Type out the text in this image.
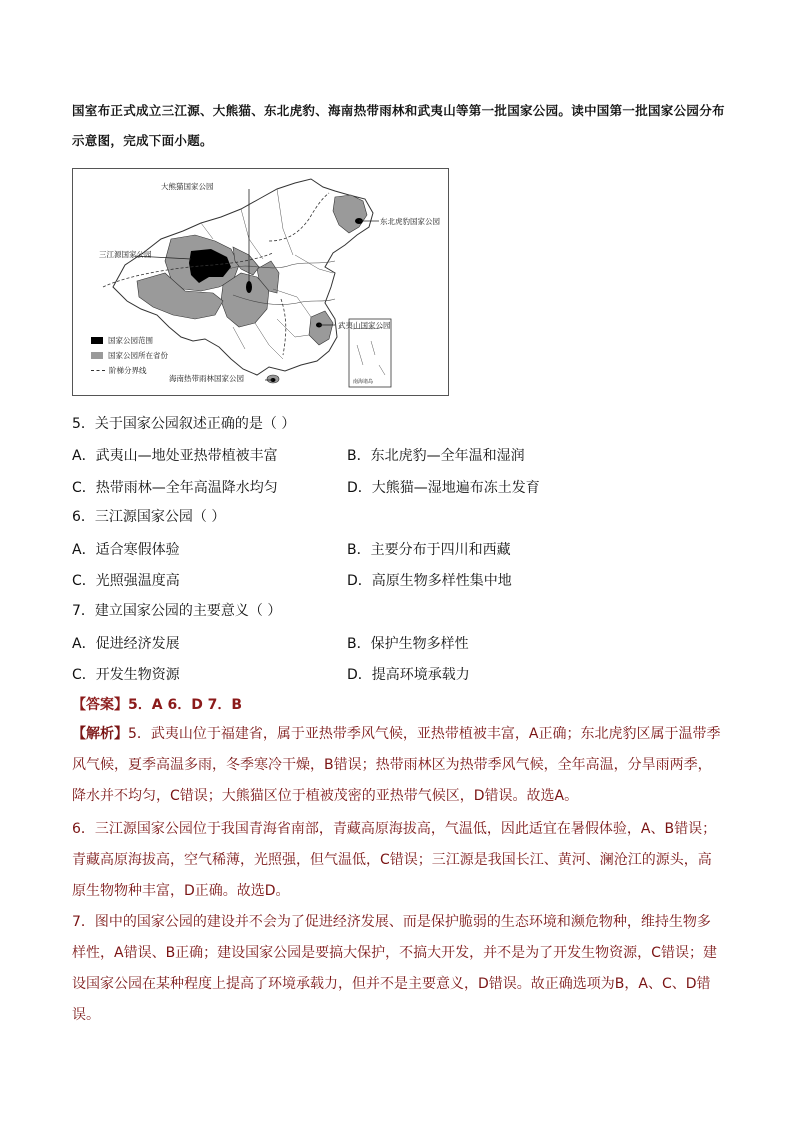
国室布正式成立三江源、大熊猫、东北虎豹、海南热带雨林和武夷山等第一批国家公园。读中国第一批国家公园分布示意图，完成下面小题。
大熊猫国家公园
东北虎豹国家公园
三江源国家公园
武夷山国家公园
海南热带雨林国家公园	南海诸岛
国家公园范围
国家公园所在省份
阶梯分界线
5．关于国家公园叙述正确的是（ ）
A．武夷山—地处亚热带植被丰富	B．东北虎豹—全年温和湿润
C．热带雨林—全年高温降水均匀	D．大熊猫—湿地遍布冻土发育
6．三江源国家公园（ ）
A．适合寒假体验	B．主要分布于四川和西藏
C．光照强温度高	D．高原生物多样性集中地
7．建立国家公园的主要意义（ ）
A．促进经济发展	B．保护生物多样性
C．开发生物资源	D．提高环境承载力
【答案】5．A 6．D 7．B
【解析】5．武夷山位于福建省，属于亚热带季风气候，亚热带植被丰富，A正确；东北虎豹区属于温带季风气候，夏季高温多雨，冬季寒冷干燥，B错误；热带雨林区为热带季风气候，全年高温，分旱雨两季，降水并不均匀，C错误；大熊猫区位于植被茂密的亚热带气候区，D错误。故选A。
6．三江源国家公园位于我国青海省南部，青藏高原海拔高，气温低，因此适宜在暑假体验，A、B错误；青藏高原海拔高，空气稀薄，光照强，但气温低，C错误；三江源是我国长江、黄河、澜沧江的源头，高原生物物种丰富，D正确。故选D。
7．图中的国家公园的建设并不会为了促进经济发展、而是保护脆弱的生态环境和濒危物种，维持生物多样性，A错误、B正确；建设国家公园是要搞大保护，不搞大开发，并不是为了开发生物资源，C错误；建设国家公园在某种程度上提高了环境承载力，但并不是主要意义，D错误。故正确选项为B，A、C、D错误。
